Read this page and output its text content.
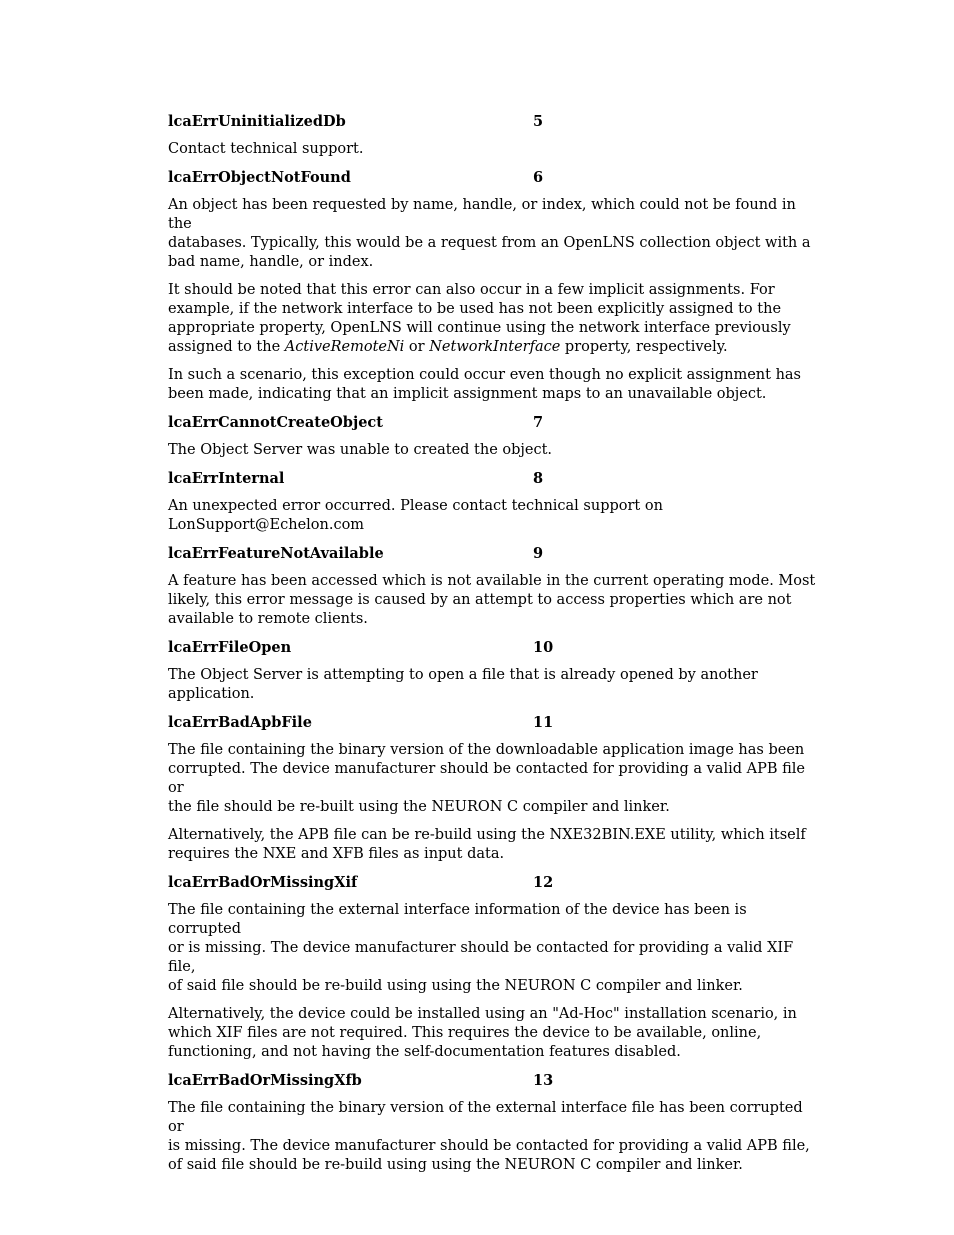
lcaErrUninitializedDb	5

Contact technical support.

lcaErrObjectNotFound	6

An object has been requested by name, handle, or index, which could not be found in the
databases. Typically, this would be a request from an OpenLNS collection object with a
bad name, handle, or index.

It should be noted that this error can also occur in a few implicit assignments. For
example, if the network interface to be used has not been explicitly assigned to the
appropriate property, OpenLNS will continue using the network interface previously
assigned to the ActiveRemoteNi or NetworkInterface property, respectively.

In such a scenario, this exception could occur even though no explicit assignment has
been made, indicating that an implicit assignment maps to an unavailable object.

lcaErrCannotCreateObject	7

The Object Server was unable to created the object.

lcaErrInternal	8

An unexpected error occurred. Please contact technical support on
LonSupport@Echelon.com

lcaErrFeatureNotAvailable	9

A feature has been accessed which is not available in the current operating mode. Most
likely, this error message is caused by an attempt to access properties which are not
available to remote clients.

lcaErrFileOpen	10

The Object Server is attempting to open a file that is already opened by another
application.

lcaErrBadApbFile	11

The file containing the binary version of the downloadable application image has been
corrupted. The device manufacturer should be contacted for providing a valid APB file or
the file should be re-built using the NEURON C compiler and linker.

Alternatively, the APB file can be re-build using the NXE32BIN.EXE utility, which itself
requires the NXE and XFB files as input data.

lcaErrBadOrMissingXif	12

The file containing the external interface information of the device has been is corrupted
or is missing. The device manufacturer should be contacted for providing a valid XIF file,
of said file should be re-build using using the NEURON C compiler and linker.

Alternatively, the device could be installed using an "Ad-Hoc" installation scenario, in
which XIF files are not required. This requires the device to be available, online,
functioning, and not having the self-documentation features disabled.

lcaErrBadOrMissingXfb	13

The file containing the binary version of the external interface file has been corrupted or
is missing. The device manufacturer should be contacted for providing a valid APB file,
of said file should be re-build using using the NEURON C compiler and linker.
